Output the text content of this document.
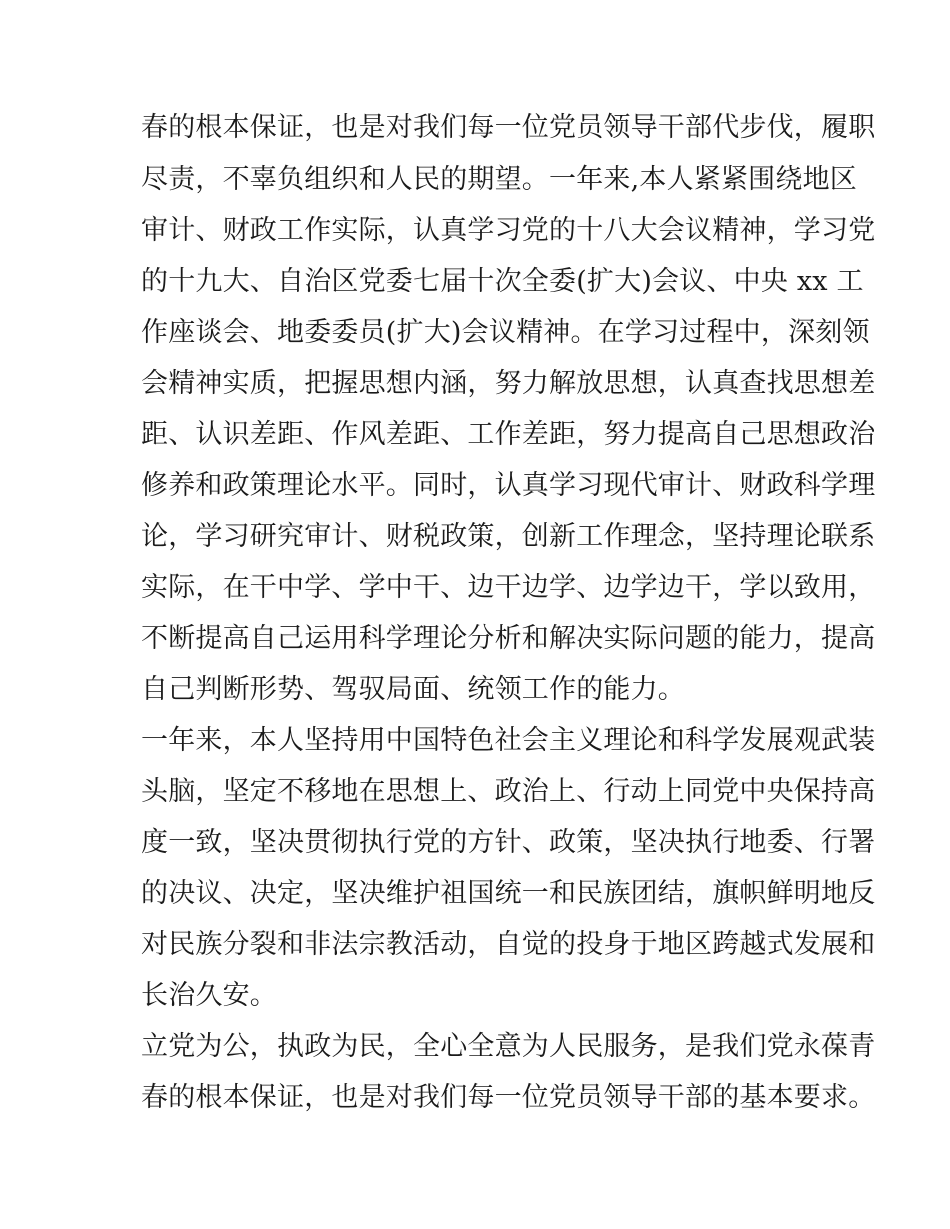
春的根本保证，也是对我们每一位党员领导干部代步伐，履职
尽责，不辜负组织和人民的期望。一年来,本人紧紧围绕地区
审计、财政工作实际，认真学习党的十八大会议精神，学习党
的十九大、自治区党委七届十次全委(扩大)会议、中央 xx 工
作座谈会、地委委员(扩大)会议精神。在学习过程中，深刻领
会精神实质，把握思想内涵，努力解放思想，认真查找思想差
距、认识差距、作风差距、工作差距，努力提高自己思想政治
修养和政策理论水平。同时，认真学习现代审计、财政科学理
论，学习研究审计、财税政策，创新工作理念，坚持理论联系
实际，在干中学、学中干、边干边学、边学边干，学以致用，
不断提高自己运用科学理论分析和解决实际问题的能力，提高
自己判断形势、驾驭局面、统领工作的能力。
一年来，本人坚持用中国特色社会主义理论和科学发展观武装
头脑，坚定不移地在思想上、政治上、行动上同党中央保持高
度一致，坚决贯彻执行党的方针、政策，坚决执行地委、行署
的决议、决定，坚决维护祖国统一和民族团结，旗帜鲜明地反
对民族分裂和非法宗教活动，自觉的投身于地区跨越式发展和
长治久安。
立党为公，执政为民，全心全意为人民服务，是我们党永葆青
春的根本保证，也是对我们每一位党员领导干部的基本要求。
